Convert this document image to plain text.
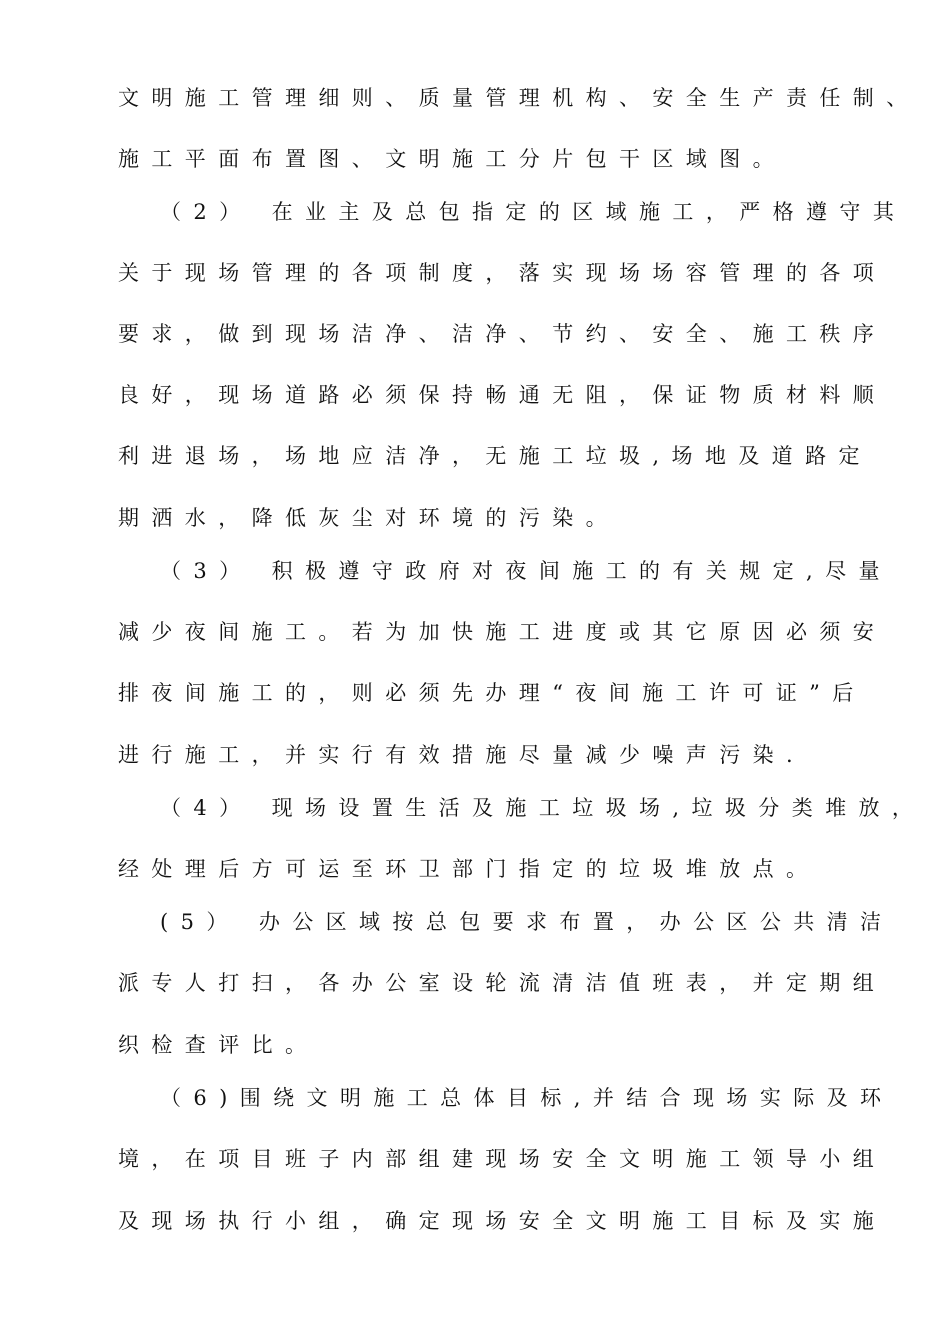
文明施工管理细则、质量管理机构、安全生产责任制、
施工平面布置图、文明施工分片包干区域图。
（2） 在业主及总包指定的区域施工，严格遵守其
关于现场管理的各项制度，落实现场场容管理的各项
要求，做到现场洁净、洁净、节约、安全、施工秩序
良好，现场道路必须保持畅通无阻，保证物质材料顺
利进退场，场地应洁净，无施工垃圾,场地及道路定
期洒水，降低灰尘对环境的污染。
（3） 积极遵守政府对夜间施工的有关规定,尽量
减少夜间施工。若为加快施工进度或其它原因必须安
排夜间施工的，则必须先办理“夜间施工许可证”后
进行施工，并实行有效措施尽量减少噪声污染.
（4） 现场设置生活及施工垃圾场,垃圾分类堆放，
经处理后方可运至环卫部门指定的垃圾堆放点。
(5） 办公区域按总包要求布置，办公区公共清洁
派专人打扫，各办公室设轮流清洁值班表，并定期组
织检查评比。
（6)围绕文明施工总体目标,并结合现场实际及环
境，在项目班子内部组建现场安全文明施工领导小组
及现场执行小组，确定现场安全文明施工目标及实施
